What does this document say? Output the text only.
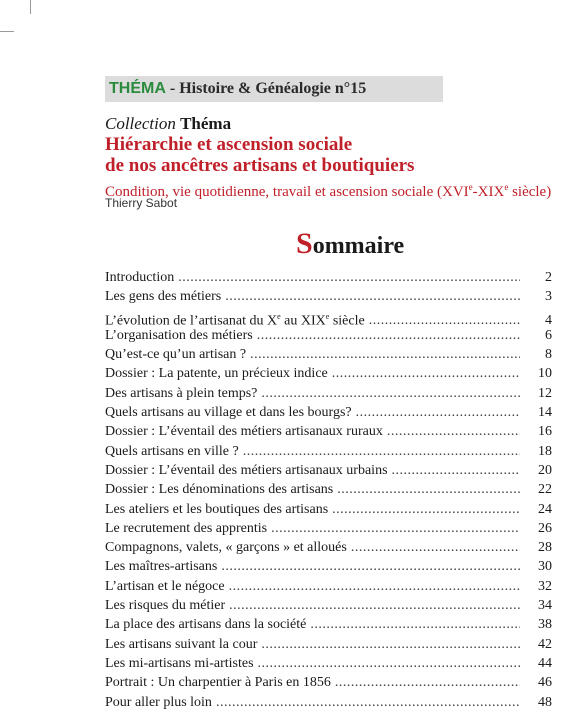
THÉMA - Histoire & Généalogie n°15
Collection Théma
Hiérarchie et ascension sociale
de nos ancêtres artisans et boutiquiers
Condition, vie quotidienne, travail et ascension sociale (XVIe-XIXe siècle)
Thierry Sabot
Sommaire
Introduction .....	2
Les gens des métiers .....	3
L’évolution de l’artisanat du Xe au XIXe siècle .....	4
L’organisation des métiers .....	6
Qu’est-ce qu’un artisan ? .....	8
Dossier : La patente, un précieux indice .....	10
Des artisans à plein temps? .....	12
Quels artisans au village et dans les bourgs? .....	14
Dossier : L’éventail des métiers artisanaux ruraux .....	16
Quels artisans en ville ? .....	18
Dossier : L’éventail des métiers artisanaux urbains .....	20
Dossier : Les dénominations des artisans .....	22
Les ateliers et les boutiques des artisans .....	24
Le recrutement des apprentis .....	26
Compagnons, valets, « garçons » et alloués .....	28
Les maîtres-artisans .....	30
L’artisan et le négoce .....	32
Les risques du métier .....	34
La place des artisans dans la société .....	38
Les artisans suivant la cour .....	42
Les mi-artisans mi-artistes .....	44
Portrait : Un charpentier à Paris en 1856 .....	46
Pour aller plus loin .....	48
